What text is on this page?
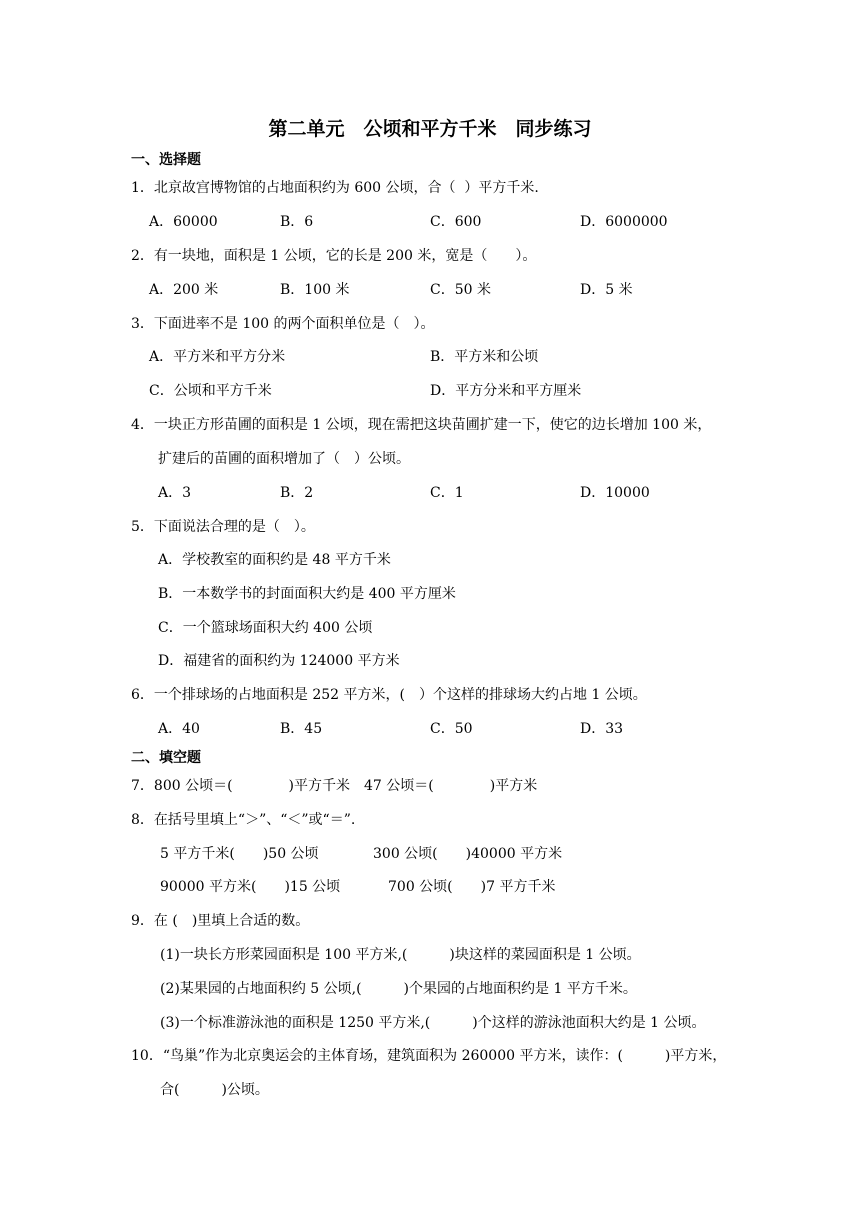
第二单元　公顷和平方千米　同步练习
一、选择题
1．北京故宫博物馆的占地面积约为 600 公顷，合（  ）平方千米.
A．60000	B．6	C．600	D．6000000
2．有一块地，面积是 1 公顷，它的长是 200 米，宽是（　　）。
A．200 米	B．100 米	C．50 米	D．5 米
3．下面进率不是 100 的两个面积单位是（　）。
A．平方米和平方分米	B．平方米和公顷
C．公顷和平方千米	D．平方分米和平方厘米
4．一块正方形苗圃的面积是 1 公顷，现在需把这块苗圃扩建一下，使它的边长增加 100 米，
扩建后的苗圃的面积增加了（　）公顷。
A．3	B．2	C．1	D．10000
5．下面说法合理的是（　）。
A．学校教室的面积约是 48 平方千米
B．一本数学书的封面面积大约是 400 平方厘米
C．一个篮球场面积大约 400 公顷
D．福建省的面积约为 124000 平方米
6．一个排球场的占地面积是 252 平方米，(　）个这样的排球场大约占地 1 公顷。
A．40	B．45	C．50	D．33
二、填空题
7．800 公顷＝(　　　　)平方千米　47 公顷＝(　　　　)平方米
8．在括号里填上“＞”、“＜”或“＝”.
5 平方千米(　　)50 公顷	300 公顷(　　)40000 平方米
90000 平方米(　　)15 公顷	700 公顷(　　)7 平方千米
9．在 (　)里填上合适的数。
(1)一块长方形菜园面积是 100 平方米,(　　　)块这样的菜园面积是 1 公顷。
(2)某果园的占地面积约 5 公顷,(　　　)个果园的占地面积约是 1 平方千米。
(3)一个标准游泳池的面积是 1250 平方米,(　　　)个这样的游泳池面积大约是 1 公顷。
10．“鸟巢”作为北京奥运会的主体育场，建筑面积为 260000 平方米，读作：(　　　)平方米，
合(　　　)公顷。
